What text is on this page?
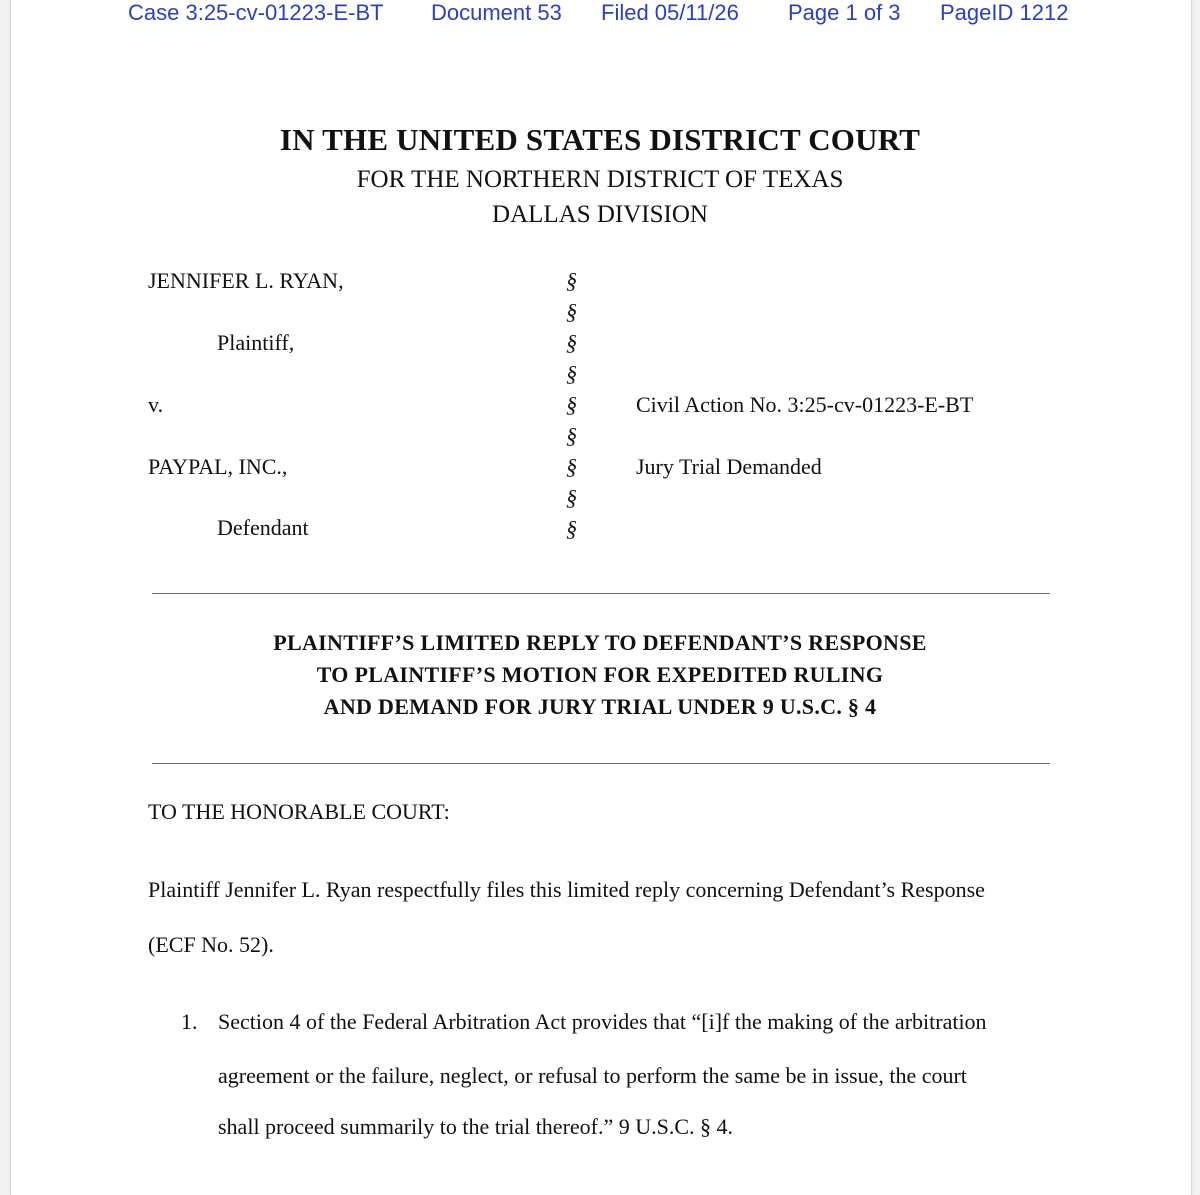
Case 3:25-cv-01223-E-BT Document 53 Filed 05/11/26 Page 1 of 3 PageID 1212
IN THE UNITED STATES DISTRICT COURT
FOR THE NORTHERN DISTRICT OF TEXAS
DALLAS DIVISION
JENNIFER L. RYAN,
Plaintiff,
v.
PAYPAL, INC.,
Defendant
§
§
§
§
§
§
§
§
§
Civil Action No. 3:25-cv-01223-E-BT
Jury Trial Demanded
PLAINTIFF’S LIMITED REPLY TO DEFENDANT’S RESPONSE
TO PLAINTIFF’S MOTION FOR EXPEDITED RULING
AND DEMAND FOR JURY TRIAL UNDER 9 U.S.C. § 4
TO THE HONORABLE COURT:
Plaintiff Jennifer L. Ryan respectfully files this limited reply concerning Defendant’s Response
(ECF No. 52).
1. Section 4 of the Federal Arbitration Act provides that “[i]f the making of the arbitration
agreement or the failure, neglect, or refusal to perform the same be in issue, the court
shall proceed summarily to the trial thereof.” 9 U.S.C. § 4.
